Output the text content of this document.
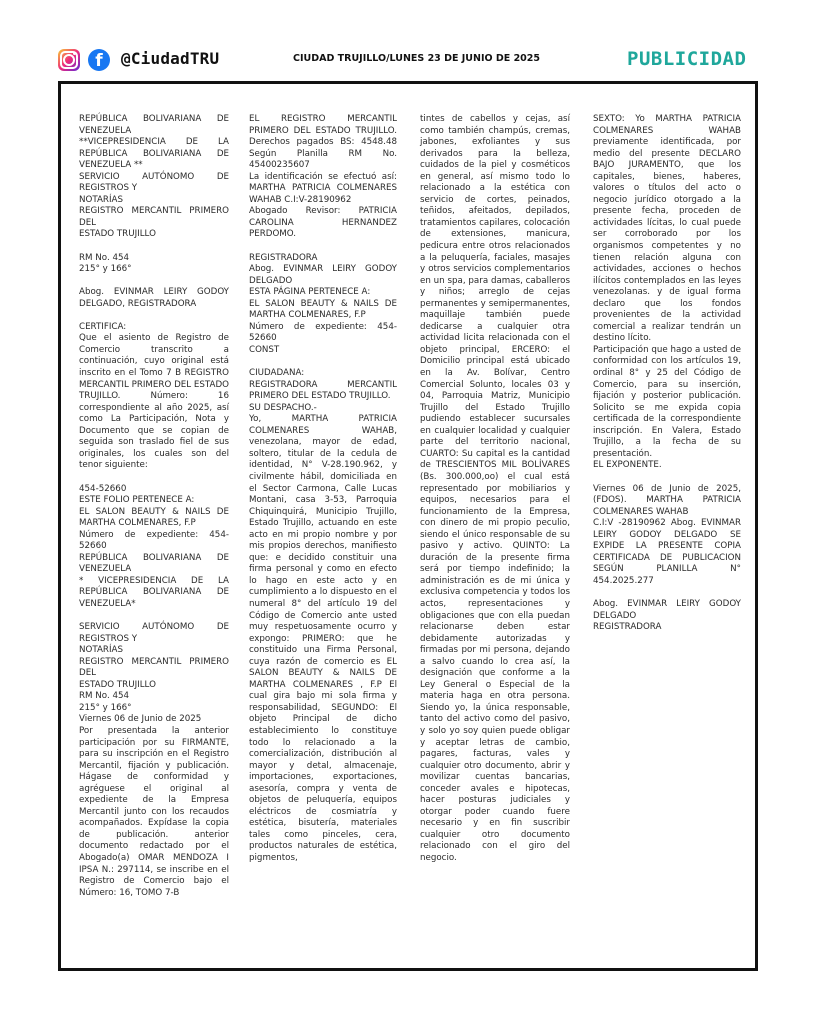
f	@CiudadTRU	CIUDAD TRUJILLO/LUNES 23 DE JUNIO DE 2025	PUBLICIDAD

REPÚBLICA BOLIVARIANA DE VENEZUELA
**VICEPRESIDENCIA DE LA REPÚBLICA BOLIVARIANA DE VENEZUELA **
SERVICIO AUTÓNOMO DE REGISTROS Y
NOTARÍAS
REGISTRO MERCANTIL PRIMERO DEL
ESTADO TRUJILLO

RM No. 454
215° y 166°

Abog. EVINMAR LEIRY GODOY DELGADO, REGISTRADORA

CERTIFICA:
Que el asiento de Registro de Comercio transcrito a continuación, cuyo original está inscrito en el Tomo 7 B REGISTRO MERCANTIL PRIMERO DEL ESTADO TRUJILLO. Número: 16 correspondiente al año 2025, así como La Participación, Nota y Documento que se copian de seguida son traslado fiel de sus originales, los cuales son del tenor siguiente:

454-52660
ESTE FOLIO PERTENECE A:
EL SALON BEAUTY & NAILS DE MARTHA COLMENARES, F.P
Número de expediente: 454-52660
REPÚBLICA BOLIVARIANA DE VENEZUELA
* VICEPRESIDENCIA DE LA REPÚBLICA BOLIVARIANA DE VENEZUELA*

SERVICIO AUTÓNOMO DE REGISTROS Y
NOTARÍAS
REGISTRO MERCANTIL PRIMERO DEL
ESTADO TRUJILLO
RM No. 454
215° y 166°
Viernes 06 de Junio de 2025
Por presentada la anterior participación por su FIRMANTE, para su inscripción en el Registro Mercantil, fijación y publicación. Hágase de conformidad y agréguese el original al expediente de la Empresa Mercantil junto con los recaudos acompañados. Expídase la copia de publicación. anterior documento redactado por el Abogado(a) OMAR MENDOZA I IPSA N.: 297114, se inscribe en el Registro de Comercio bajo el Número: 16, TOMO 7-B

EL REGISTRO MERCANTIL PRIMERO DEL ESTADO TRUJILLO. Derechos pagados BS: 4548.48 Según Planilla RM No. 45400235607
La identificación se efectuó así: MARTHA PATRICIA COLMENARES WAHAB C.I:V-28190962
Abogado Revisor: PATRICIA CAROLINA HERNANDEZ PERDOMO.

REGISTRADORA
Abog. EVINMAR LEIRY GODOY DELGADO
ESTA PÁGINA PERTENECE A:
EL SALON BEAUTY & NAILS DE MARTHA COLMENARES, F.P
Número de expediente: 454-52660
CONST

CIUDADANA:
REGISTRADORA MERCANTIL PRIMERO DEL ESTADO TRUJILLO.
SU DESPACHO.-
Yo, MARTHA PATRICIA COLMENARES WAHAB, venezolana, mayor de edad, soltero, titular de la cedula de identidad, N° V-28.190.962, y civilmente hábil, domiciliada en el Sector Carmona, Calle Lucas Montani, casa 3-53, Parroquia Chiquinquirá, Municipio Trujillo, Estado Trujillo, actuando en este acto en mi propio nombre y por mis propios derechos, manifiesto que: e decidido constituir una firma personal y como en efecto lo hago en este acto y en cumplimiento a lo dispuesto en el numeral 8° del artículo 19 del Código de Comercio ante usted muy respetuosamente ocurro y expongo: PRIMERO: que he constituido una Firma Personal, cuya razón de comercio es EL SALON BEAUTY & NAILS DE MARTHA COLMENARES , F.P El cual gira bajo mi sola firma y responsabilidad, SEGUNDO: El objeto Principal de dicho establecimiento lo constituye todo lo relacionado a la comercialización, distribución al mayor y detal, almacenaje, importaciones, exportaciones, asesoría, compra y venta de objetos de peluquería, equipos eléctricos de cosmiatría y estética, bisutería, materiales tales como pinceles, cera, productos naturales de estética, pigmentos,

tintes de cabellos y cejas, así como también champús, cremas, jabones, exfoliantes y sus derivados para la belleza, cuidados de la piel y cosméticos en general, así mismo todo lo relacionado a la estética con servicio de cortes, peinados, teñidos, afeitados, depilados, tratamientos capilares, colocación de extensiones, manicura, pedicura entre otros relacionados a la peluquería, faciales, masajes y otros servicios complementarios en un spa, para damas, caballeros y niños; arreglo de cejas permanentes y semipermanentes, maquillaje también puede dedicarse a cualquier otra actividad licita relacionada con el objeto principal, ERCERO: el Domicilio principal está ubicado en la Av. Bolívar, Centro Comercial Solunto, locales 03 y 04, Parroquia Matriz, Municipio Trujillo del Estado Trujillo pudiendo establecer sucursales en cualquier localidad y cualquier parte del territorio nacional, CUARTO: Su capital es la cantidad de TRESCIENTOS MIL BOLÍVARES (Bs. 300.000,oo) el cual está representado por mobiliarios y equipos, necesarios para el funcionamiento de la Empresa, con dinero de mi propio peculio, siendo el único responsable de su pasivo y activo. QUINTO: La duración de la presente firma será por tiempo indefinido; la administración es de mi única y exclusiva competencia y todos los actos, representaciones y obligaciones que con ella puedan relacionarse deben estar debidamente autorizadas y firmadas por mi persona, dejando a salvo cuando lo crea así, la designación que conforme a la Ley General o Especial de la materia haga en otra persona. Siendo yo, la única responsable, tanto del activo como del pasivo, y solo yo soy quien puede obligar y aceptar letras de cambio, pagares, facturas, vales y cualquier otro documento, abrir y movilizar cuentas bancarias, conceder avales e hipotecas, hacer posturas judiciales y otorgar poder cuando fuere necesario y en fin suscribir cualquier otro documento relacionado con el giro del negocio.

SEXTO: Yo MARTHA PATRICIA COLMENARES WAHAB previamente identificada, por medio del presente DECLARO BAJO JURAMENTO, que los capitales, bienes, haberes, valores o títulos del acto o negocio jurídico otorgado a la presente fecha, proceden de actividades lícitas, lo cual puede ser corroborado por los organismos competentes y no tienen relación alguna con actividades, acciones o hechos ilícitos contemplados en las leyes venezolanas. y de igual forma declaro que los fondos provenientes de la actividad comercial a realizar tendrán un destino lícito.
Participación que hago a usted de conformidad con los artículos 19, ordinal 8° y 25 del Código de Comercio, para su inserción, fijación y posterior publicación. Solicito se me expida copia certificada de la correspondiente inscripción. En Valera, Estado Trujillo, a la fecha de su presentación.
EL EXPONENTE.

Viernes 06 de Junio de 2025, (FDOS). MARTHA PATRICIA COLMENARES WAHAB
C.I:V -28190962 Abog. EVINMAR LEIRY GODOY DELGADO SE EXPIDE LA PRESENTE COPIA CERTIFICADA DE PUBLICACION SEGÚN PLANILLA N° 454.2025.277

Abog. EVINMAR LEIRY GODOY DELGADO
REGISTRADORA
